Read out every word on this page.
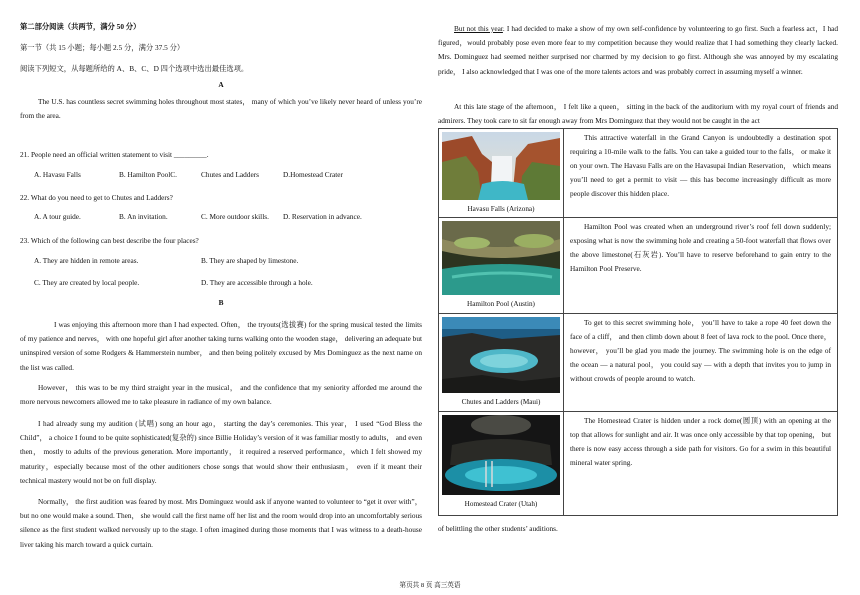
第二部分阅读（共两节，满分 50 分）
第一节（共 15 小题；每小题 2.5 分，满分 37.5 分）
阅读下列短文，从每题所给的 A、B、C、D 四个选项中选出最佳选项。
A
The U.S. has countless secret swimming holes throughout most states， many of which you’ve likely never heard of unless you’re from the area.
21. People need an official written statement to visit _________.
A. Havasu Falls	B. Hamilton PoolC.	Chutes and Ladders	D.Homestead Crater
22. What do you need to get to Chutes and Ladders?
A. A tour guide.	B. An invitation.	C. More outdoor skills. D. Reservation in advance.
23. Which of the following can best describe the four places?
A. They are hidden in remote areas.	B. They are shaped by limestone.
C. They are created by local people.	D. They are accessible through a hole.
B
I was enjoying this afternoon more than I had expected. Often， the tryouts(选拔赛) for the spring musical tested the limits of my patience and nerves， with one hopeful girl after another taking turns walking onto the wooden stage， delivering an adequate but uninspired version of some Rodgers & Hammerstein number， and then being politely excused by Mrs Dominguez as the next name on the list was called.
However， this was to be my third straight year in the musical， and the confidence that my seniority afforded me around the more nervous newcomers allowed me to take pleasure in radiance of my own balance.
I had already sung my audition (试唱) song an hour ago， starting the day’s ceremonies. This year， I used “God Bless the Child”， a choice I found to be quite sophisticated(复杂的) since Billie Holiday’s version of it was familiar mostly to adults， and even then， mostly to adults of the previous generation. More importantly， it required a reserved performance，which I felt showed my maturity，especially because most of the other auditioners chose songs that would show their enthusiasm， even if it meant their technical mastery would not be on full display.
Normally， the first audition was feared by most. Mrs Dominguez would ask if anyone wanted to volunteer to “get it over with”， but no one would make a sound. Then， she would call the first name off her list and the room would drop into an uncomfortably serious silence as the first student walked nervously up to the stage. I often imagined during those moments that I was witness to a death-house liver taking his march toward a quick curtain.
But not this year. I had decided to make a show of my own self-confidence by volunteering to go first. Such a fearless act，I had figured，would probably pose even more fear to my competition because they would realize that I had something they clearly lacked. Mrs. Dominguez had seemed neither surprised nor charmed by my decision to go first. Although she was annoyed by my escalating pride， I also acknowledged that I was one of the more talents actors and was probably correct in assuming myself a winner.
At this late stage of the afternoon， I felt like a queen， sitting in the back of the auditorium with my royal court of friends and admirers. They took care to sit far enough away from Mrs Dominguez that they would not be caught in the act
Havasu Falls (Arizona)	This attractive waterfall in the Grand Canyon is undoubtedly a destination spot requiring a 10-mile walk to the falls. You can take a guided tour to the falls， or make it on your own. The Havasu Falls are on the Havasupai Indian Reservation， which means you’ll need to get a permit to visit — this has become increasingly difficult as more people discover this hidden place.

Hamilton Pool (Austin)	Hamilton Pool was created when an underground river’s roof fell down suddenly; exposing what is now the swimming hole and creating a 50-foot waterfall that flows over the above limestone(石灰岩). You’ll have to reserve beforehand to gain entry to the Hamilton Pool Preserve.

Chutes and Ladders (Maui)	To get to this secret swimming hole， you’ll have to take a rope 40 feet down the face of a cliff， and then climb down about 8 feet of lava rock to the pool. Once there， however， you’ll be glad you made the journey. The swimming hole is on the edge of the ocean — a natural pool， you could say — with a depth that invites you to jump in without crowds of people around to watch.

Homestead Crater (Utah)	The Homestead Crater is hidden under a rock dome(圆顶) with an opening at the top that allows for sunlight and air. It was once only accessible by that top opening， but there is now easy access through a side path for visitors. Go for a swim in this beautiful mineral water spring.
of belittling the other students’ auditions.
第页共 8 页 高三英语
